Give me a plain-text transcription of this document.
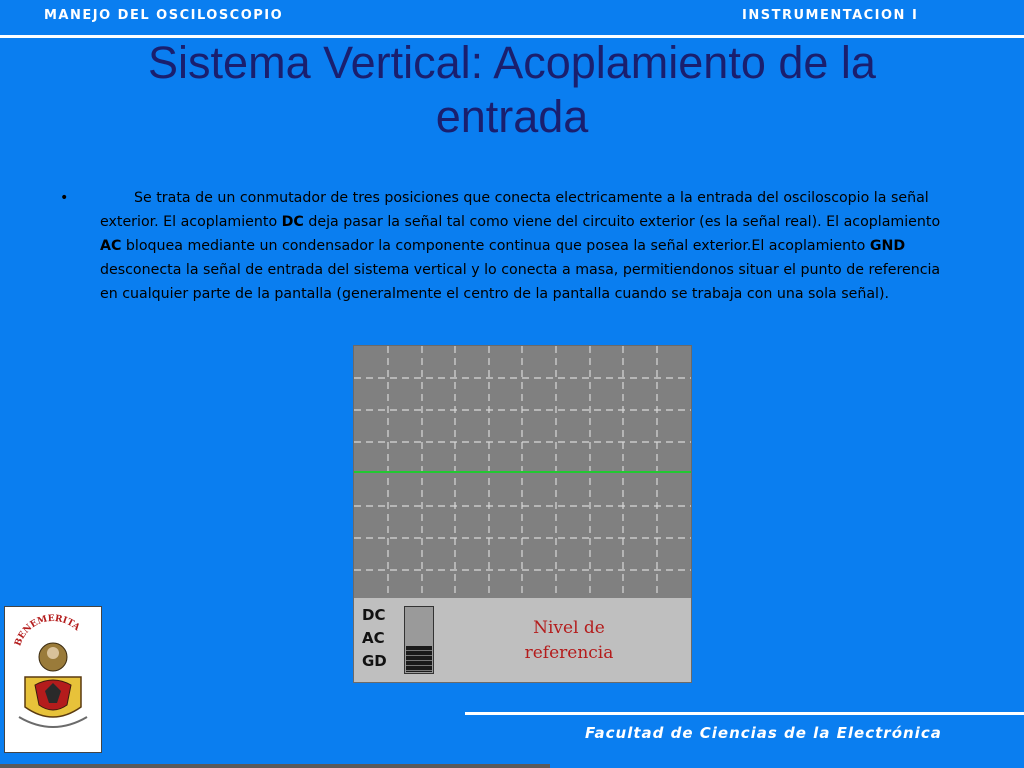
MANEJO DEL OSCILOSCOPIO	INSTRUMENTACION I
Sistema Vertical: Acoplamiento de la
entrada
•	Se trata de un conmutador de tres posiciones que conecta electricamente a la entrada del osciloscopio la señal exterior. El acoplamiento DC deja pasar la señal tal como viene del circuito exterior (es la señal real). El acoplamiento AC bloquea mediante un condensador la componente continua que posea la señal exterior.El acoplamiento GND desconecta la señal de entrada del sistema vertical y lo conecta a masa, permitiendonos situar el punto de referencia en cualquier parte de la pantalla (generalmente el centro de la pantalla cuando se trabaja con una sola señal).
DC
AC
GD
Nivel de
referencia
BENEMERITA
Facultad de Ciencias de la Electrónica
